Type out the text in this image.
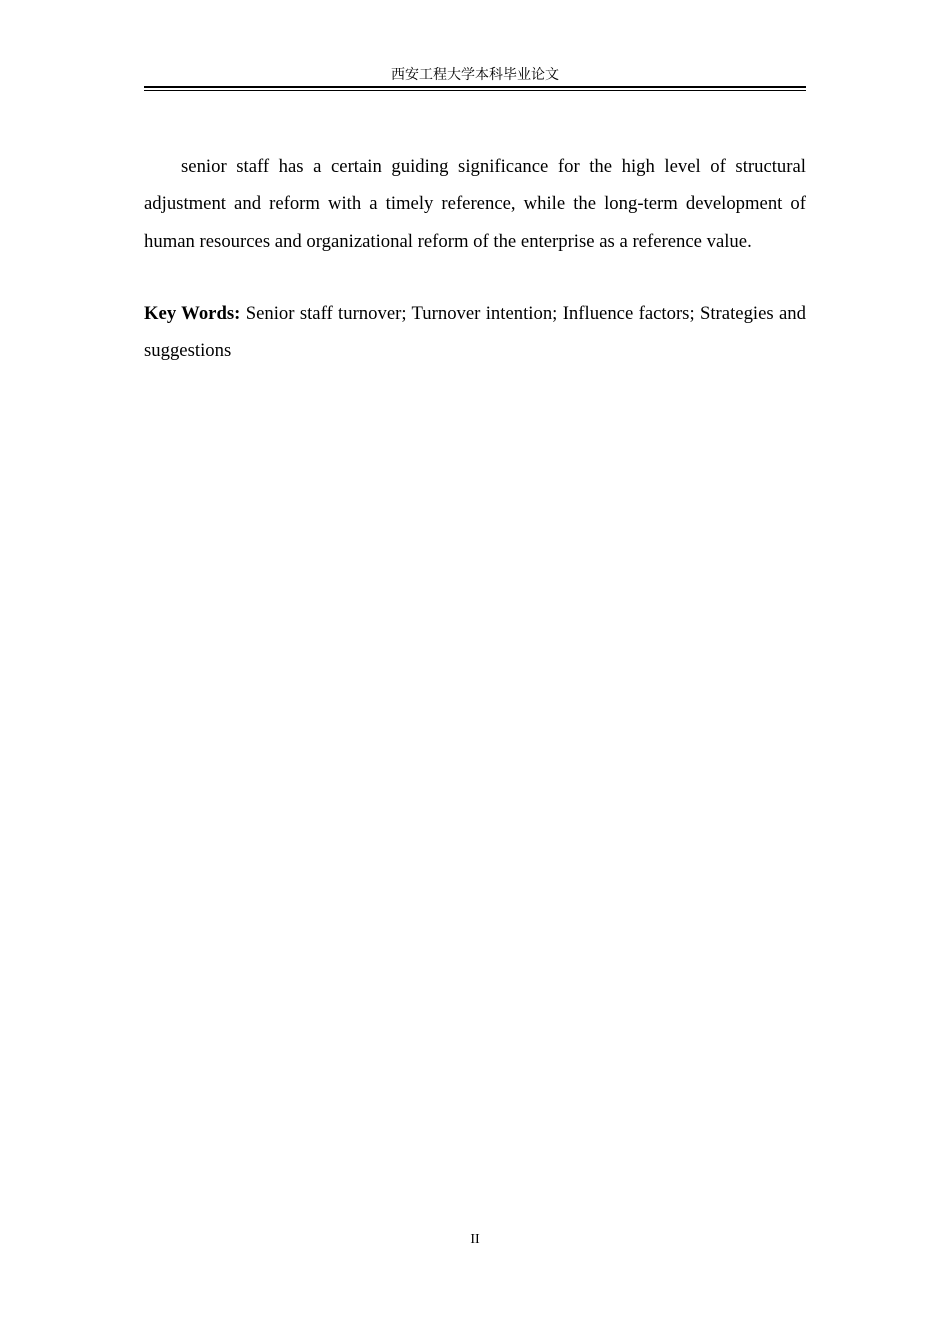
西安工程大学本科毕业论文

senior staff has a certain guiding significance for the high level of structural adjustment and reform with a timely reference, while the long-term development of human resources and organizational reform of the enterprise as a reference value.

Key Words: Senior staff turnover; Turnover intention; Influence factors; Strategies and suggestions

II
